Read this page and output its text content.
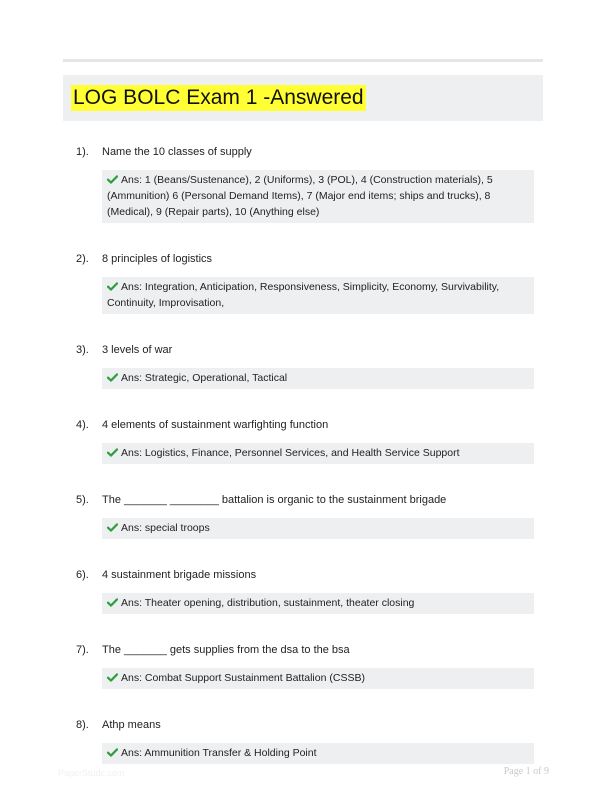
LOG BOLC Exam 1 -Answered
1). Name the 10 classes of supply
Ans: 1 (Beans/Sustenance), 2 (Uniforms), 3 (POL), 4 (Construction materials), 5 (Ammunition) 6 (Personal Demand Items), 7 (Major end items; ships and trucks), 8 (Medical), 9 (Repair parts), 10 (Anything else)
2). 8 principles of logistics
Ans: Integration, Anticipation, Responsiveness, Simplicity, Economy, Survivability, Continuity, Improvisation,
3). 3 levels of war
Ans: Strategic, Operational, Tactical
4). 4 elements of sustainment warfighting function
Ans: Logistics, Finance, Personnel Services, and Health Service Support
5). The _______ ________ battalion is organic to the sustainment brigade
Ans: special troops
6). 4 sustainment brigade missions
Ans: Theater opening, distribution, sustainment, theater closing
7). The _______ gets supplies from the dsa to the bsa
Ans: Combat Support Sustainment Battalion (CSSB)
8). Athp means
Ans: Ammunition Transfer & Holding Point
PaperStudc.com	Page 1 of 9
